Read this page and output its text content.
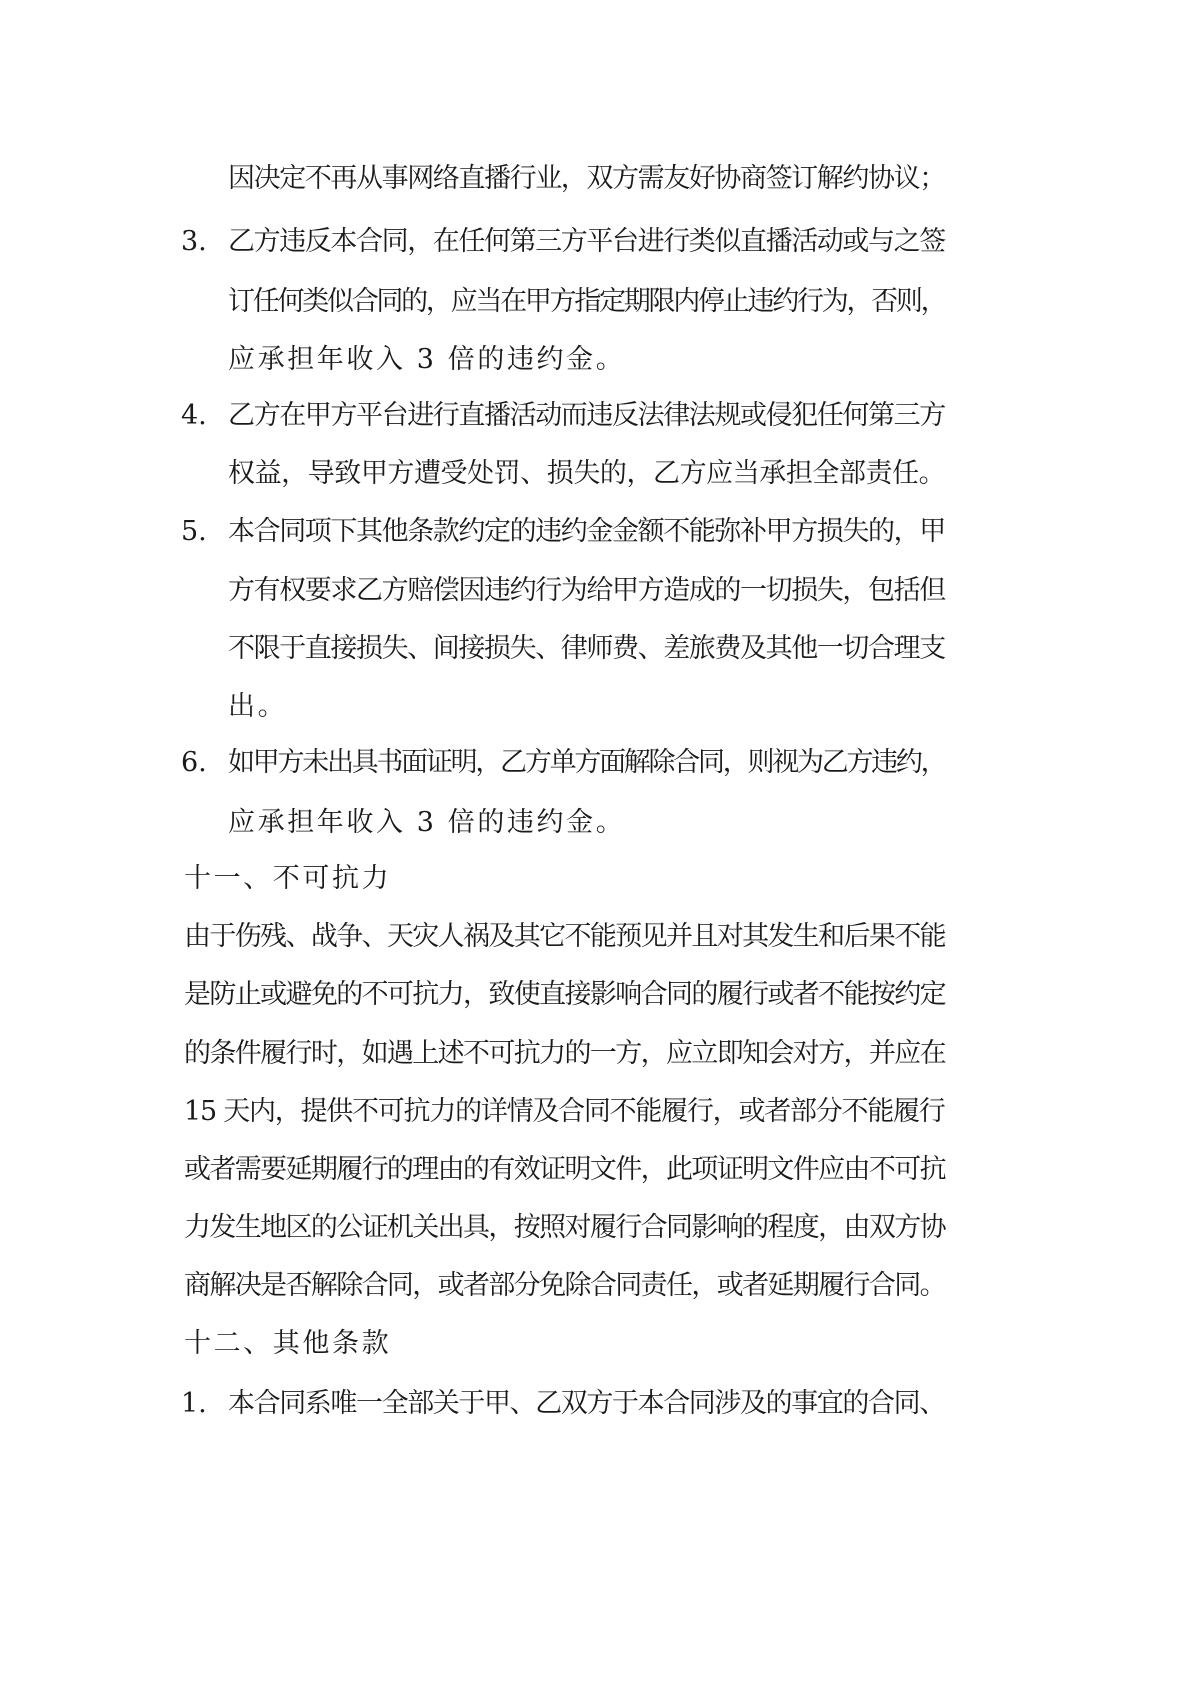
因决定不再从事网络直播行业，双方需友好协商签订解约协议；
3. 乙方违反本合同，在任何第三方平台进行类似直播活动或与之签
订任何类似合同的，应当在甲方指定期限内停止违约行为，否则，
应承担年收入 3 倍的违约金。
4. 乙方在甲方平台进行直播活动而违反法律法规或侵犯任何第三方
权益，导致甲方遭受处罚、损失的，乙方应当承担全部责任。
5. 本合同项下其他条款约定的违约金金额不能弥补甲方损失的，甲
方有权要求乙方赔偿因违约行为给甲方造成的一切损失，包括但
不限于直接损失、间接损失、律师费、差旅费及其他一切合理支
出。
6. 如甲方未出具书面证明，乙方单方面解除合同，则视为乙方违约，
应承担年收入 3 倍的违约金。
十一、不可抗力
由于伤残、战争、天灾人祸及其它不能预见并且对其发生和后果不能
是防止或避免的不可抗力，致使直接影响合同的履行或者不能按约定
的条件履行时，如遇上述不可抗力的一方，应立即知会对方，并应在
15 天内，提供不可抗力的详情及合同不能履行，或者部分不能履行
或者需要延期履行的理由的有效证明文件，此项证明文件应由不可抗
力发生地区的公证机关出具，按照对履行合同影响的程度，由双方协
商解决是否解除合同，或者部分免除合同责任，或者延期履行合同。
十二、其他条款
1. 本合同系唯一全部关于甲、乙双方于本合同涉及的事宜的合同、
